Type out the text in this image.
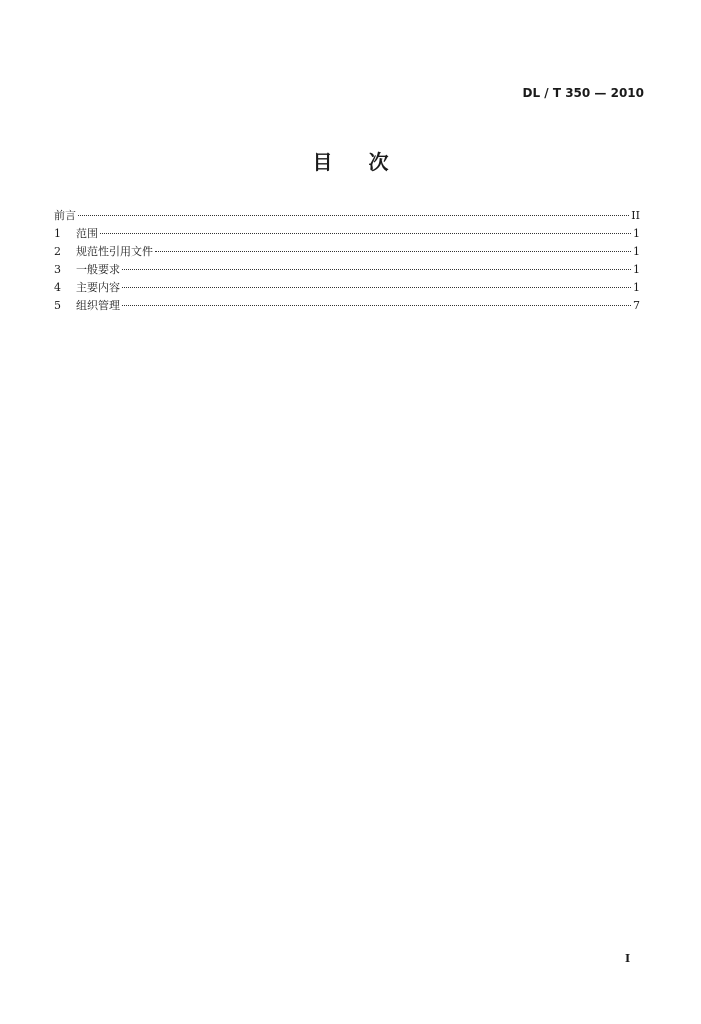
DL / T 350 — 2010
目 次
前言	II
1	范围	1
2	规范性引用文件	1
3	一般要求	1
4	主要内容	1
5	组织管理	7
I
